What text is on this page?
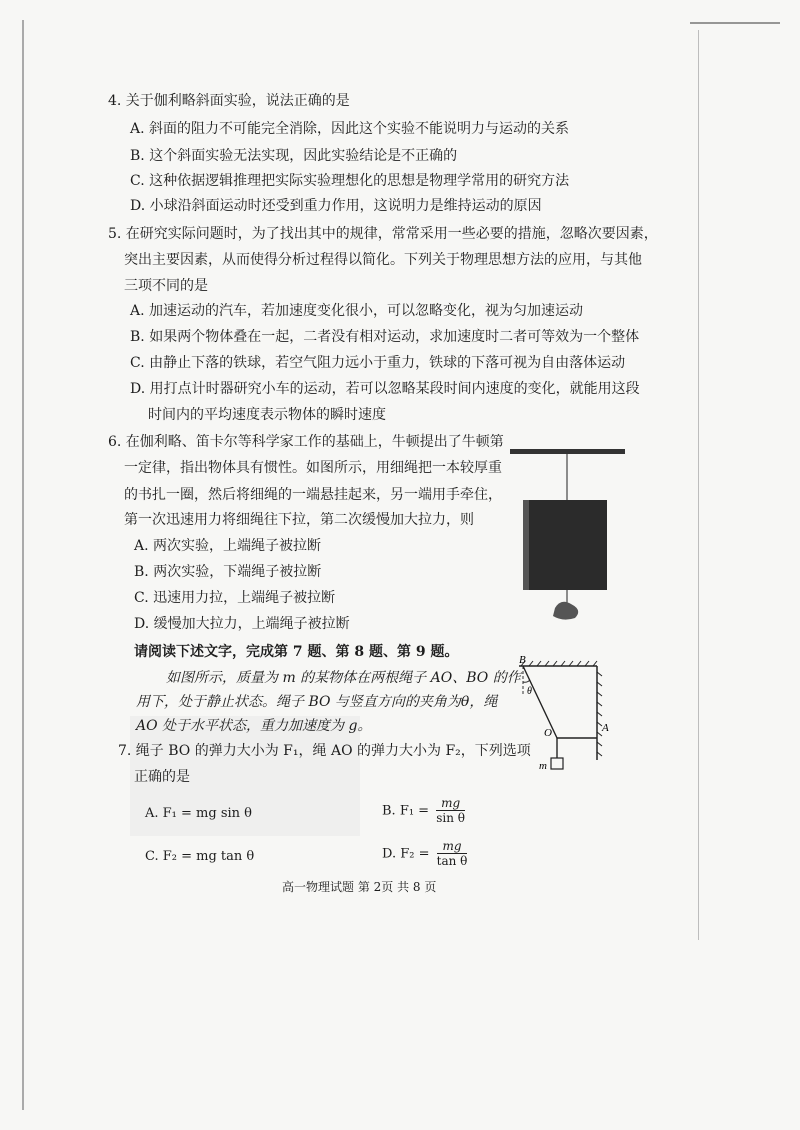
4. 关于伽利略斜面实验，说法正确的是
A. 斜面的阻力不可能完全消除，因此这个实验不能说明力与运动的关系
B. 这个斜面实验无法实现，因此实验结论是不正确的
C. 这种依据逻辑推理把实际实验理想化的思想是物理学常用的研究方法
D. 小球沿斜面运动时还受到重力作用，这说明力是维持运动的原因
5. 在研究实际问题时，为了找出其中的规律，常常采用一些必要的措施，忽略次要因素，
突出主要因素，从而使得分析过程得以简化。下列关于物理思想方法的应用，与其他
三项不同的是
A. 加速运动的汽车，若加速度变化很小，可以忽略变化，视为匀加速运动
B. 如果两个物体叠在一起，二者没有相对运动，求加速度时二者可等效为一个整体
C. 由静止下落的铁球，若空气阻力远小于重力，铁球的下落可视为自由落体运动
D. 用打点计时器研究小车的运动，若可以忽略某段时间内速度的变化，就能用这段
时间内的平均速度表示物体的瞬时速度
6. 在伽利略、笛卡尔等科学家工作的基础上，牛顿提出了牛顿第
一定律，指出物体具有惯性。如图所示，用细绳把一本较厚重
的书扎一圈，然后将细绳的一端悬挂起来，另一端用手牵住，
第一次迅速用力将细绳往下拉，第二次缓慢加大拉力，则
A. 两次实验，上端绳子被拉断
B. 两次实验，下端绳子被拉断
C. 迅速用力拉，上端绳子被拉断
D. 缓慢加大拉力，上端绳子被拉断
请阅读下述文字，完成第 7 题、第 8 题、第 9 题。
如图所示，质量为 m 的某物体在两根绳子 AO、BO 的作
用下，处于静止状态。绳子 BO 与竖直方向的夹角为θ，绳
AO 处于水平状态，重力加速度为 g。
B
θ
O	A
m
7. 绳子 BO 的弹力大小为 F₁，绳 AO 的弹力大小为 F₂，下列选项
正确的是
A. F₁ = mg sin θ	B. $F_1 = \frac{mg}{\text{sin θ}}$
C. F₂ = mg tan θ	D. $F_2 = \frac{mg}{\text{tan θ}}$
高一物理试题 第 2页 共 8 页
